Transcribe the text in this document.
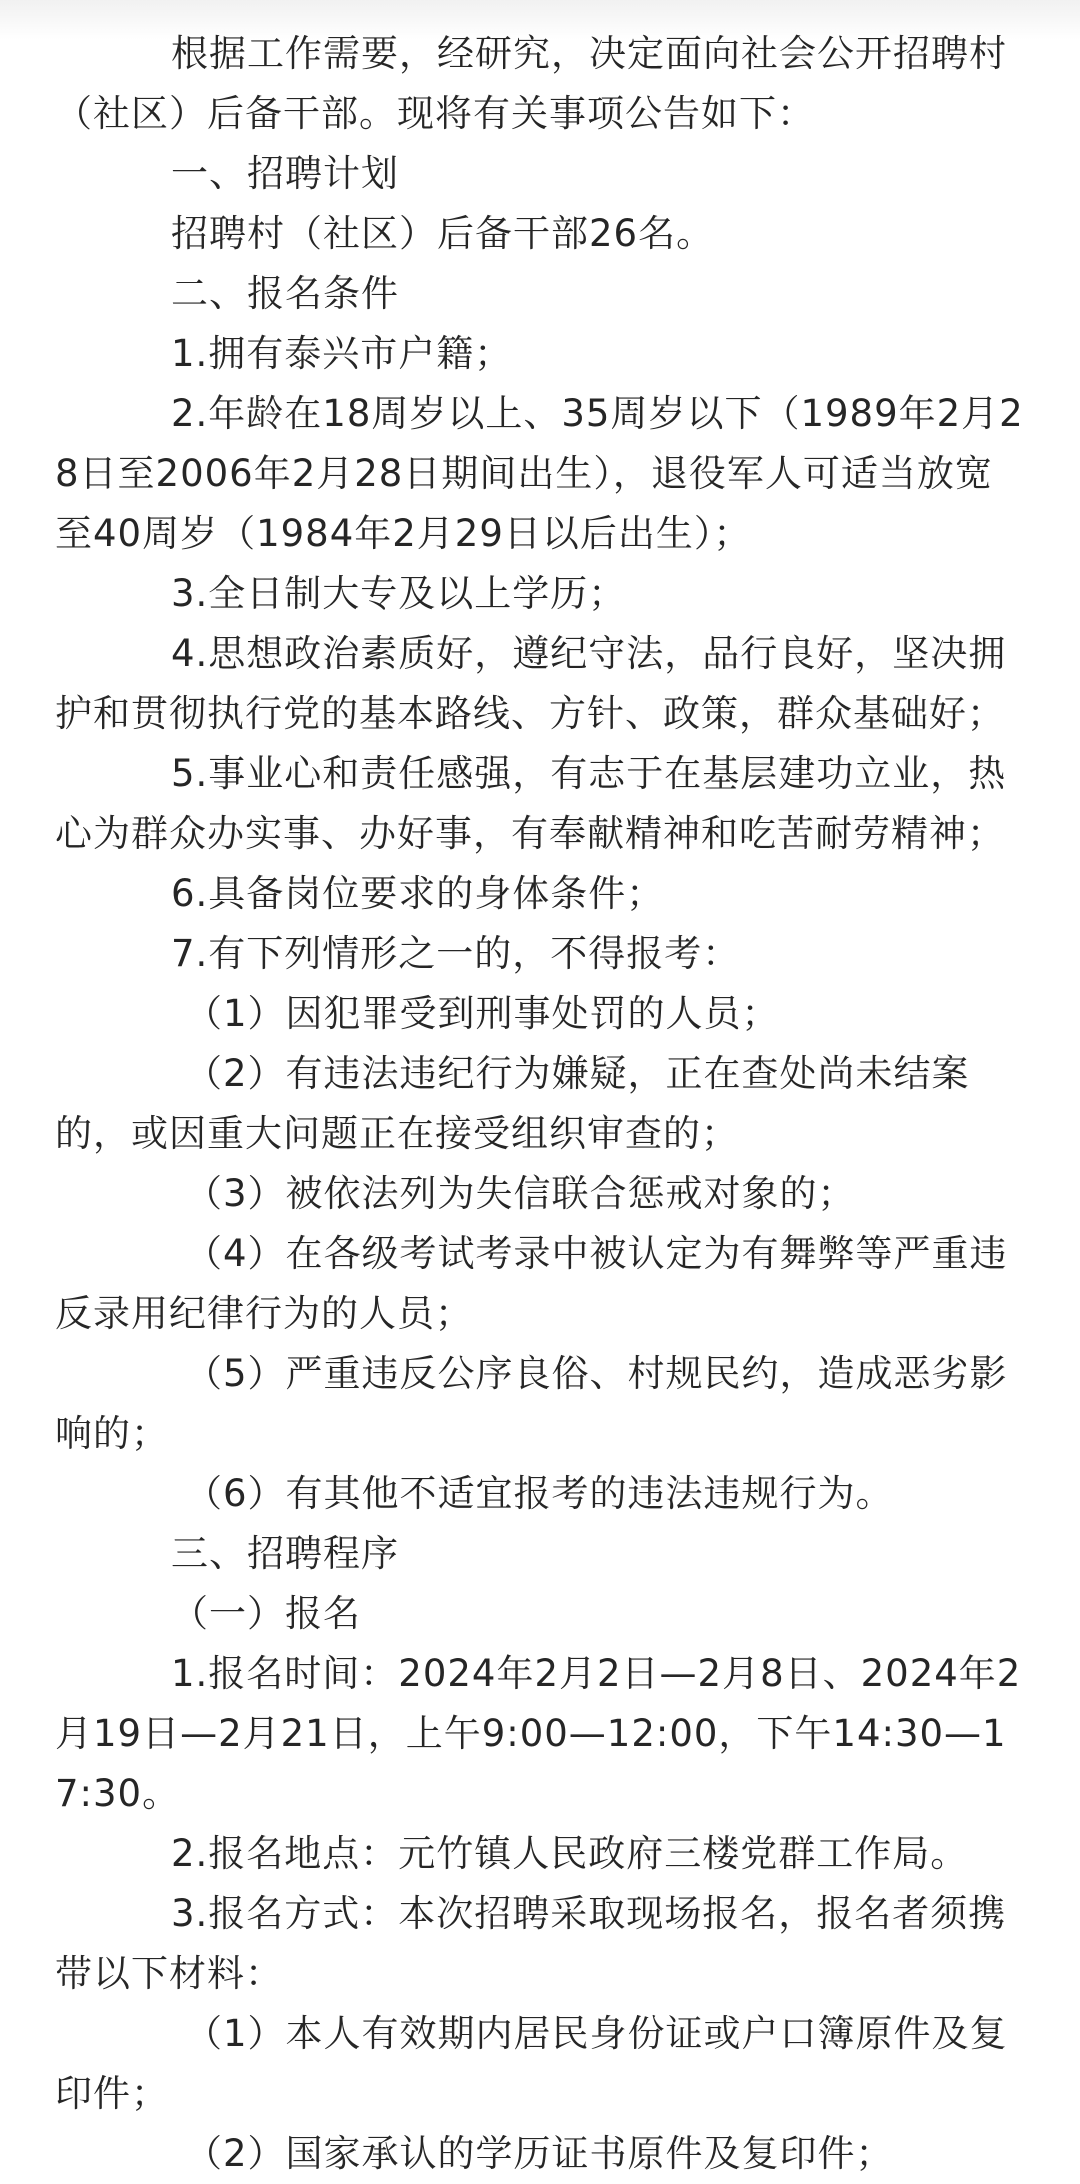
根据工作需要，经研究，决定面向社会公开招聘村（社区）后备干部。现将有关事项公告如下：

一、招聘计划

招聘村（社区）后备干部26名。

二、报名条件

1.拥有泰兴市户籍；

2.年龄在18周岁以上、35周岁以下（1989年2月28日至2006年2月28日期间出生），退役军人可适当放宽至40周岁（1984年2月29日以后出生）；

3.全日制大专及以上学历；

4.思想政治素质好，遵纪守法，品行良好，坚决拥护和贯彻执行党的基本路线、方针、政策，群众基础好；

5.事业心和责任感强，有志于在基层建功立业，热心为群众办实事、办好事，有奉献精神和吃苦耐劳精神；

6.具备岗位要求的身体条件；

7.有下列情形之一的，不得报考：

（1）因犯罪受到刑事处罚的人员；

（2）有违法违纪行为嫌疑，正在查处尚未结案的，或因重大问题正在接受组织审查的；

（3）被依法列为失信联合惩戒对象的；

（4）在各级考试考录中被认定为有舞弊等严重违反录用纪律行为的人员；

（5）严重违反公序良俗、村规民约，造成恶劣影响的；

（6）有其他不适宜报考的违法违规行为。

三、招聘程序

（一）报名

1.报名时间：2024年2月2日—2月8日、2024年2月19日—2月21日，上午9:00—12:00，下午14:30—17:30。

2.报名地点：元竹镇人民政府三楼党群工作局。

3.报名方式：本次招聘采取现场报名，报名者须携带以下材料：

（1）本人有效期内居民身份证或户口簿原件及复印件；

（2）国家承认的学历证书原件及复印件；
